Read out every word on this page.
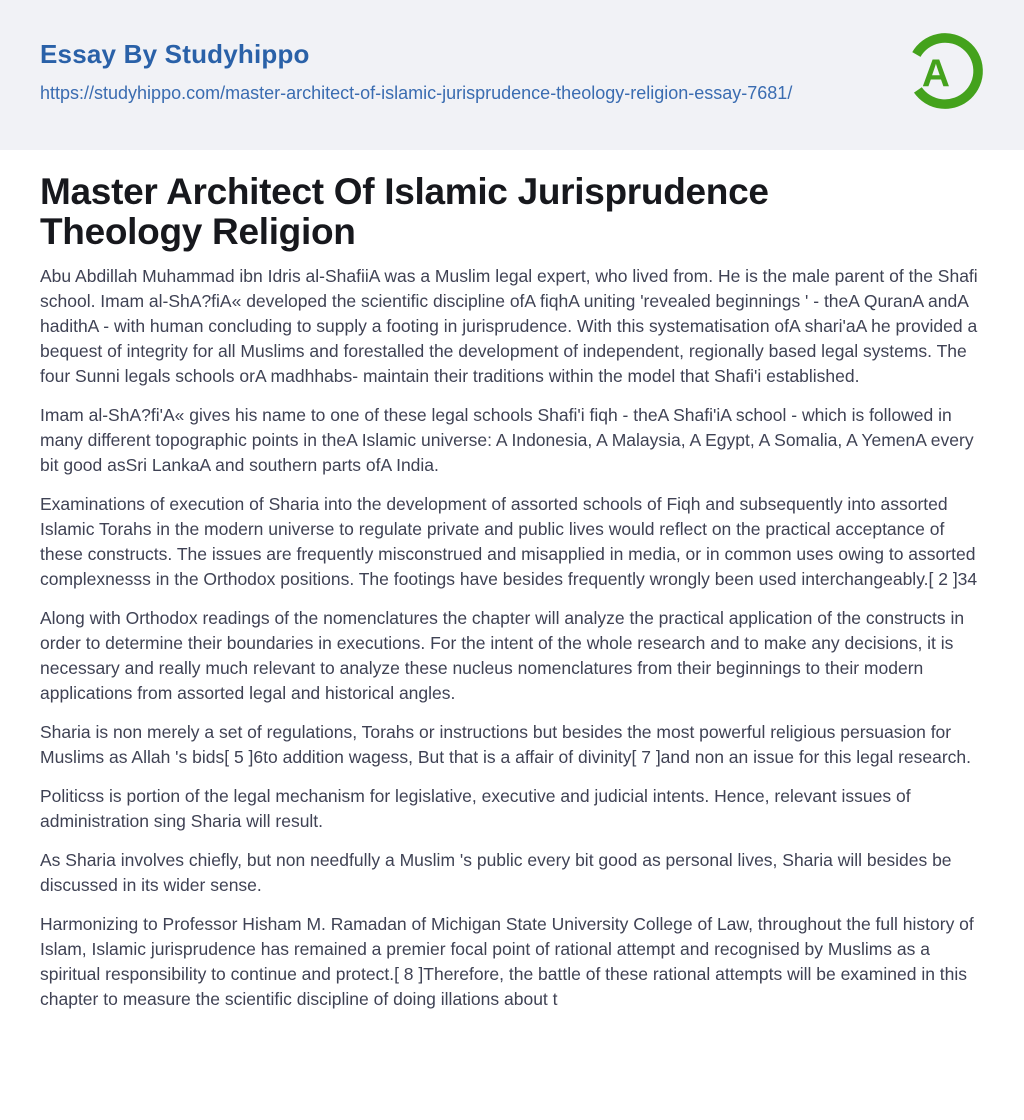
Essay By Studyhippo
https://studyhippo.com/master-architect-of-islamic-jurisprudence-theology-religion-essay-7681/	A
Master Architect Of Islamic Jurisprudence Theology Religion

Abu Abdillah Muhammad ibn Idris al-ShafiiA was a Muslim legal expert, who lived from. He is the male parent of the Shafi school. Imam al-ShA?fiA« developed the scientific discipline ofA fiqhA uniting 'revealed beginnings ' - theA QuranA andA hadithA - with human concluding to supply a footing in jurisprudence. With this systematisation ofA shari'aA he provided a bequest of integrity for all Muslims and forestalled the development of independent, regionally based legal systems. The four Sunni legals schools orA madhhabs- maintain their traditions within the model that Shafi'i established.

Imam al-ShA?fi'A« gives his name to one of these legal schools Shafi'i fiqh - theA Shafi'iA school - which is followed in many different topographic points in theA Islamic universe: A Indonesia, A Malaysia, A Egypt, A Somalia, A YemenA every bit good asSri LankaA and southern parts ofA India.

Examinations of execution of Sharia into the development of assorted schools of Fiqh and subsequently into assorted Islamic Torahs in the modern universe to regulate private and public lives would reflect on the practical acceptance of these constructs. The issues are frequently misconstrued and misapplied in media, or in common uses owing to assorted complexnesss in the Orthodox positions. The footings have besides frequently wrongly been used interchangeably.[ 2 ]34

Along with Orthodox readings of the nomenclatures the chapter will analyze the practical application of the constructs in order to determine their boundaries in executions. For the intent of the whole research and to make any decisions, it is necessary and really much relevant to analyze these nucleus nomenclatures from their beginnings to their modern applications from assorted legal and historical angles.

Sharia is non merely a set of regulations, Torahs or instructions but besides the most powerful religious persuasion for Muslims as Allah 's bids[ 5 ]6to addition wagess, But that is a affair of divinity[ 7 ]and non an issue for this legal research.

Politicss is portion of the legal mechanism for legislative, executive and judicial intents. Hence, relevant issues of administration sing Sharia will result.

As Sharia involves chiefly, but non needfully a Muslim 's public every bit good as personal lives, Sharia will besides be discussed in its wider sense.

Harmonizing to Professor Hisham M. Ramadan of Michigan State University College of Law, throughout the full history of Islam, Islamic jurisprudence has remained a premier focal point of rational attempt and recognised by Muslims as a spiritual responsibility to continue and protect.[ 8 ]Therefore, the battle of these rational attempts will be examined in this chapter to measure the scientific discipline of doing illations about t
